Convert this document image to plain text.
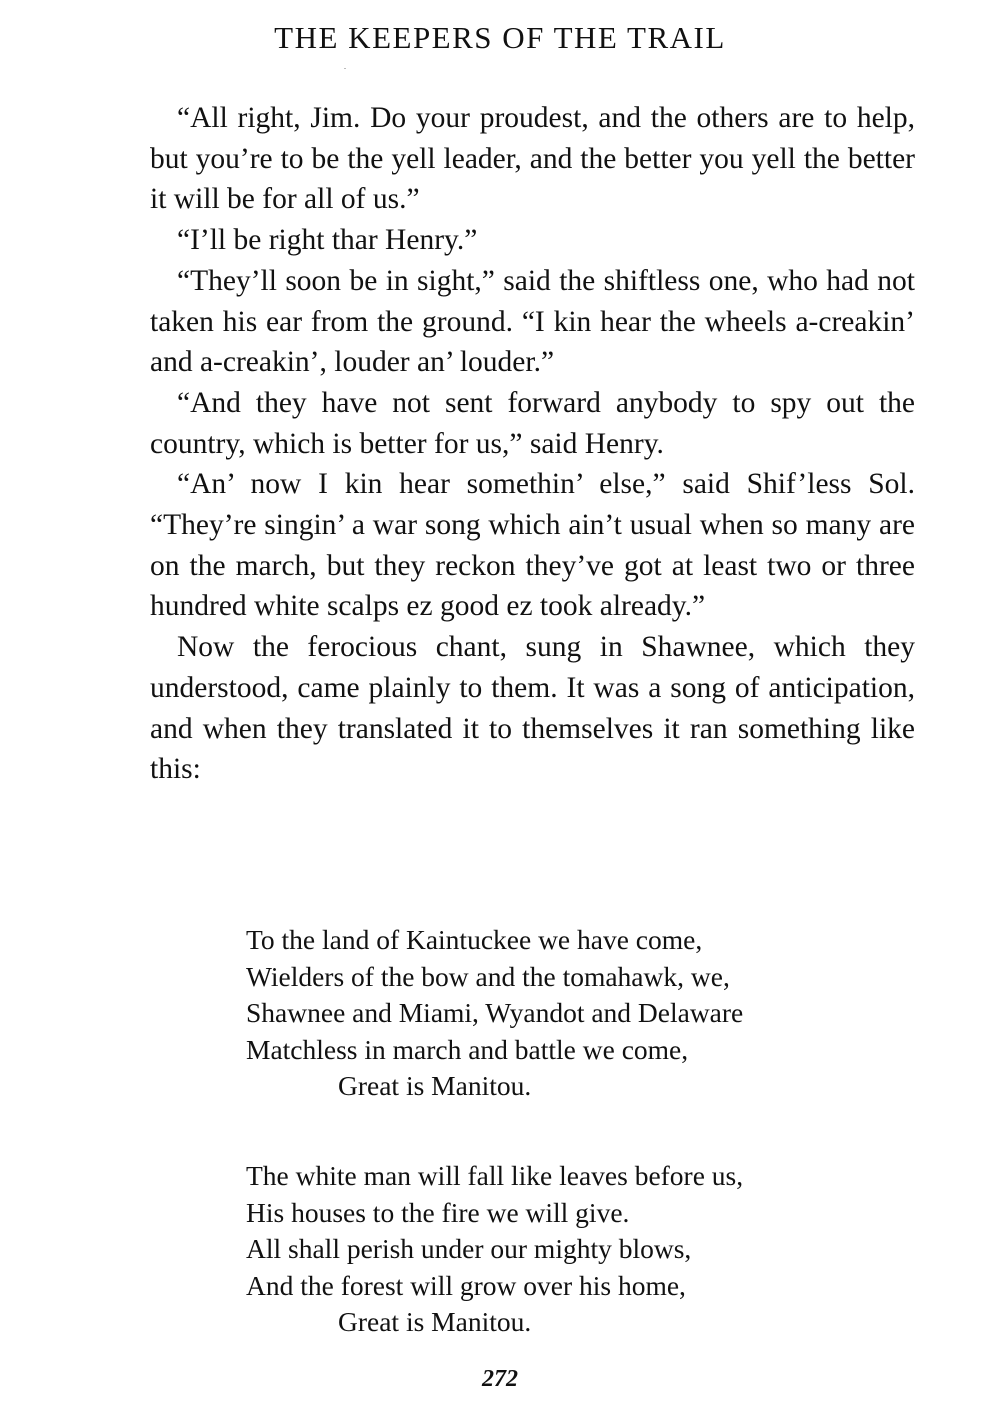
THE KEEPERS OF THE TRAIL

“All right, Jim. Do your proudest, and the others are to help, but you’re to be the yell leader, and the better you yell the better it will be for all of us.”

“I’ll be right thar Henry.”

“They’ll soon be in sight,” said the shiftless one, who had not taken his ear from the ground. “I kin hear the wheels a-creakin’ and a-creakin’, louder an’ louder.”

“And they have not sent forward anybody to spy out the country, which is better for us,” said Henry.

“An’ now I kin hear somethin’ else,” said Shif’less Sol. “They’re singin’ a war song which ain’t usual when so many are on the march, but they reckon they’ve got at least two or three hundred white scalps ez good ez took already.”

Now the ferocious chant, sung in Shawnee, which they understood, came plainly to them. It was a song of anticipation, and when they translated it to themselves it ran something like this:

To the land of Kaintuckee we have come,
Wielders of the bow and the tomahawk, we,
Shawnee and Miami, Wyandot and Delaware
Matchless in march and battle we come,
Great is Manitou.
The white man will fall like leaves before us,
His houses to the fire we will give.
All shall perish under our mighty blows,
And the forest will grow over his home,
Great is Manitou.
272
